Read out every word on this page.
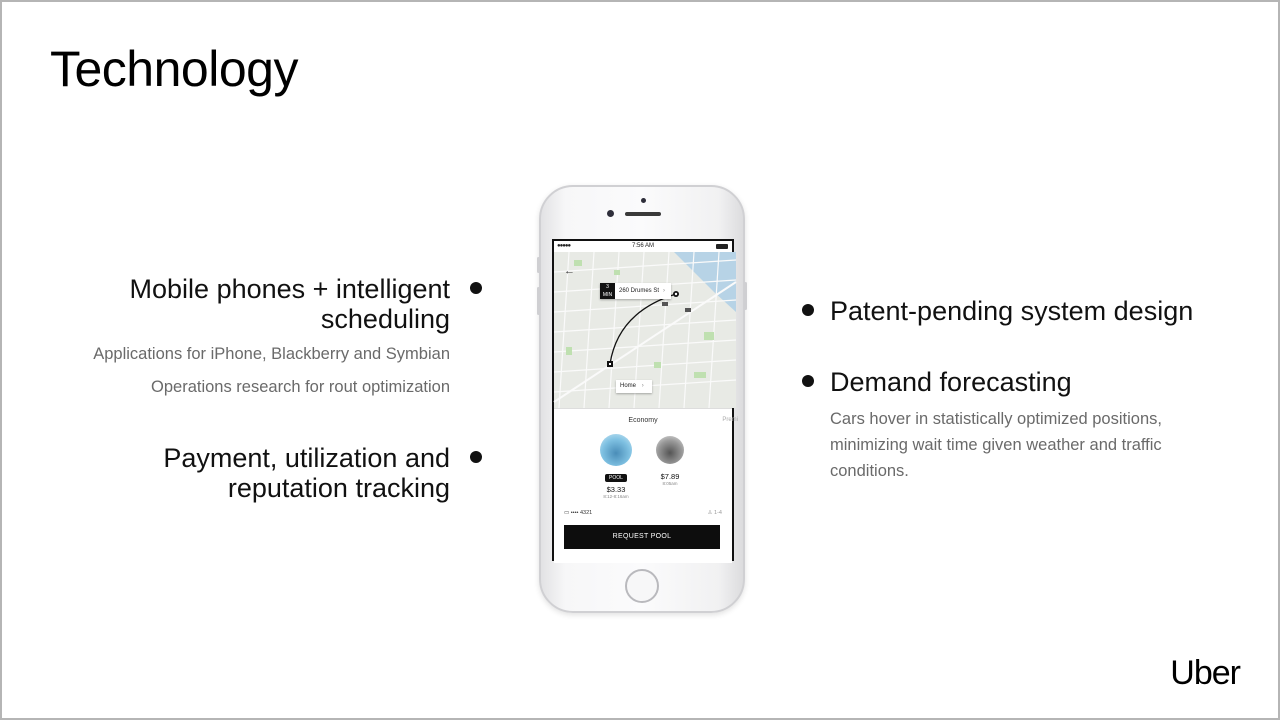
Technology
Mobile phones + intelligent
scheduling
Applications for iPhone, Blackberry and Symbian
Operations research for rout optimization
Payment, utilization and
reputation tracking
Patent-pending system design
Demand forecasting
Cars hover in statistically optimized positions, minimizing wait time given weather and traffic conditions.
●●●●●	7:56 AM
←
3
MIN
260 Drumes St ›
Home ›
Economy	Premi
POOL
$3.33
8:12-8:16am
$7.89
8:05am
▭ •••• 4321	♙ 1-4
REQUEST POOL
Uber
